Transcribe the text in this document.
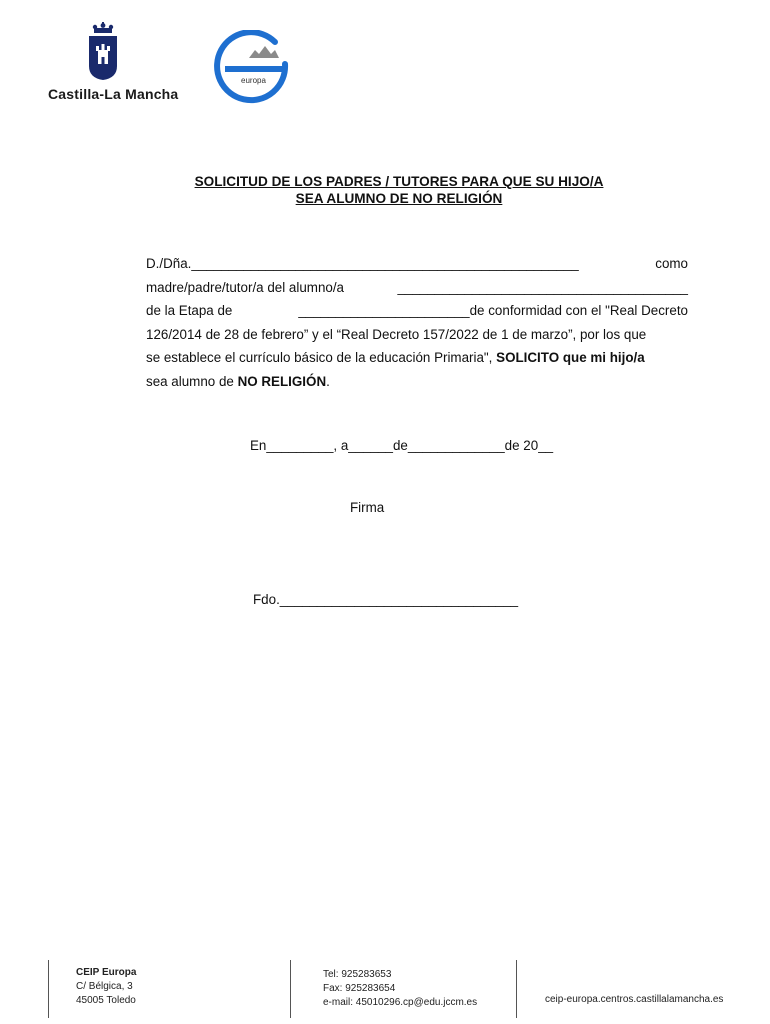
Castilla-La Mancha
europa
SOLICITUD DE LOS PADRES / TUTORES PARA QUE SU HIJO/A
SEA ALUMNO DE NO RELIGIÓN
D./Dña.____________________________________________________	como
madre/padre/tutor/a del alumno/a	_______________________________________
de la Etapa de	_______________________de conformidad con el "Real Decreto
126/2014 de 28 de febrero” y el “Real Decreto 157/2022 de 1 de marzo”, por los que
se establece el currículo básico de la educación Primaria", SOLICITO que mi hijo/a
sea alumno de NO RELIGIÓN.
En_________, a______de_____________de 20__
Firma
Fdo.________________________________
CEIP Europa
C/ Bélgica, 3
45005 Toledo
Tel: 925283653
Fax: 925283654
e-mail: 45010296.cp@edu.jccm.es	ceip-europa.centros.castillalamancha.es
